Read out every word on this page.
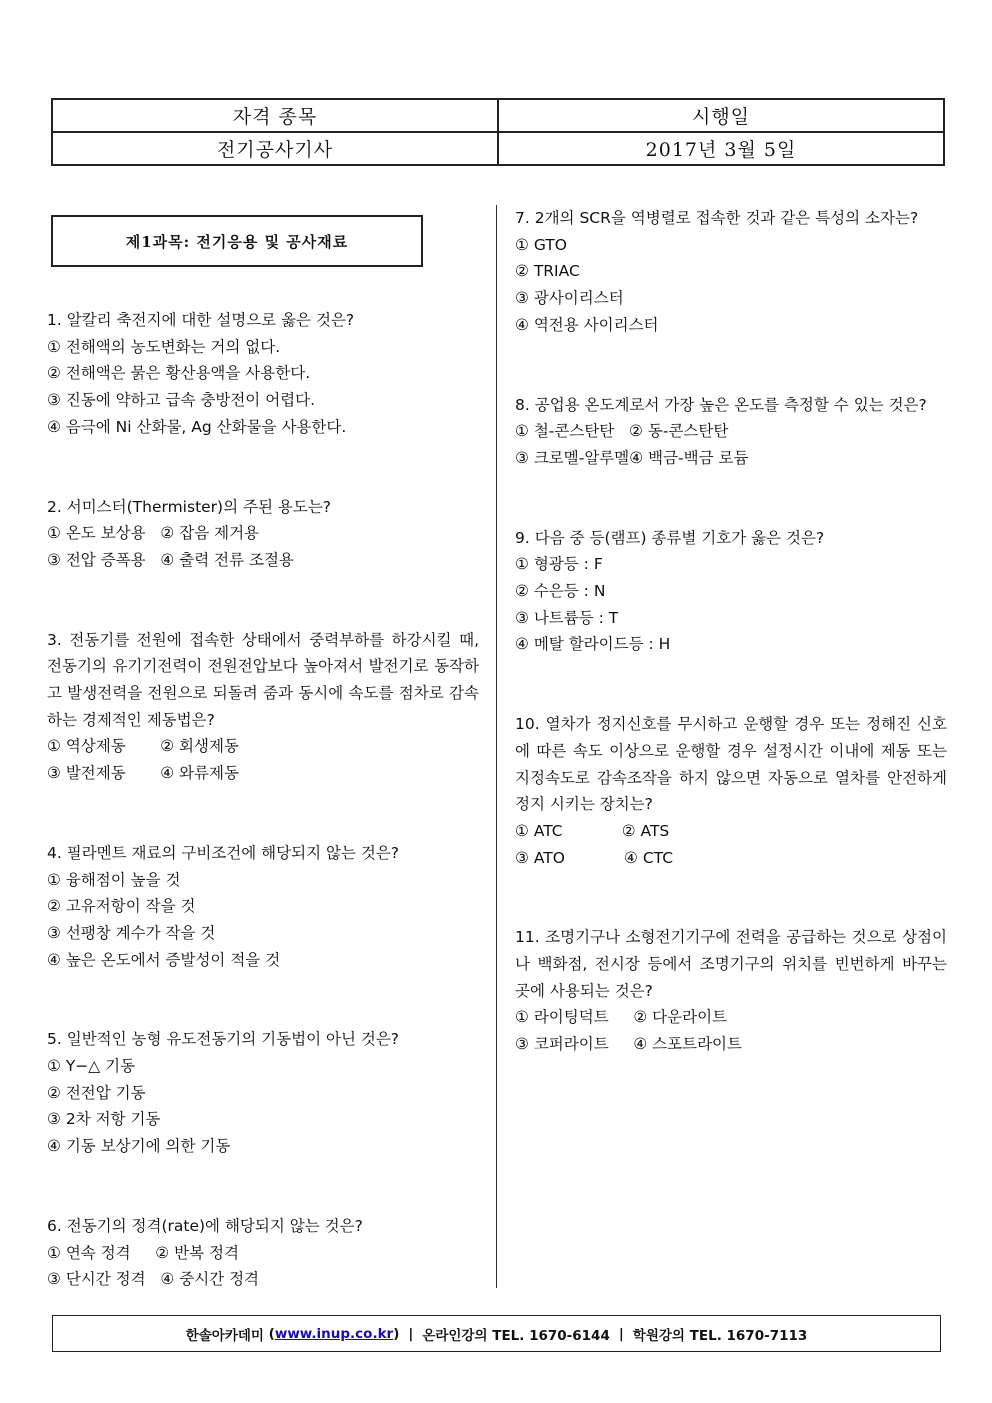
자격 종목	시행일
전기공사기사	2017년 3월 5일
제1과목: 전기응용 및 공사재료
1. 알칼리 축전지에 대한 설명으로 옳은 것은?
① 전해액의 농도변화는 거의 없다.
② 전해액은 묽은 황산용액을 사용한다.
③ 진동에 약하고 급속 충방전이 어렵다.
④ 음극에 Ni 산화물, Ag 산화물을 사용한다.
2. 서미스터(Thermister)의 주된 용도는?
① 온도 보상용   ② 잡음 제거용
③ 전압 증폭용   ④ 출력 전류 조절용
3. 전동기를 전원에 접속한 상태에서 중력부하를 하강시킬 때, 전동기의 유기기전력이 전원전압보다 높아져서 발전기로 동작하고 발생전력을 전원으로 되돌려 줌과 동시에 속도를 점차로 감속하는 경제적인 제동법은?
① 역상제동       ② 회생제동
③ 발전제동       ④ 와류제동
4. 필라멘트 재료의 구비조건에 해당되지 않는 것은?
① 융해점이 높을 것
② 고유저항이 작을 것
③ 선팽창 계수가 작을 것
④ 높은 온도에서 증발성이 적을 것
5. 일반적인 농형 유도전동기의 기동법이 아닌 것은?
① Y−△ 기동
② 전전압 기동
③ 2차 저항 기동
④ 기동 보상기에 의한 기동
6. 전동기의 정격(rate)에 해당되지 않는 것은?
① 연속 정격     ② 반복 정격
③ 단시간 정격   ④ 중시간 정격
7. 2개의 SCR을 역병렬로 접속한 것과 같은 특성의 소자는?
① GTO
② TRIAC
③ 광사이리스터
④ 역전용 사이리스터
8. 공업용 온도계로서 가장 높은 온도를 측정할 수 있는 것은?
① 철-콘스탄탄   ② 동-콘스탄탄
③ 크로멜-알루멜④ 백금-백금 로듐
9. 다음 중 등(램프) 종류별 기호가 옳은 것은?
① 형광등 : F
② 수은등 : N
③ 나트륨등 : T
④ 메탈 할라이드등 : H
10. 열차가 정지신호를 무시하고 운행할 경우 또는 정해진 신호에 따른 속도 이상으로 운행할 경우 설정시간 이내에 제동 또는 지정속도로 감속조작을 하지 않으면 자동으로 열차를 안전하게 정지 시키는 장치는?
① ATC            ② ATS
③ ATO            ④ CTC
11. 조명기구나 소형전기기구에 전력을 공급하는 것으로 상점이나 백화점, 전시장 등에서 조명기구의 위치를 빈번하게 바꾸는 곳에 사용되는 것은?
① 라이팅덕트     ② 다운라이트
③ 코퍼라이트     ④ 스포트라이트
한솔아카데미 ( www.inup.co.kr ) | 온라인강의 TEL. 1670-6144 | 학원강의 TEL. 1670-7113
